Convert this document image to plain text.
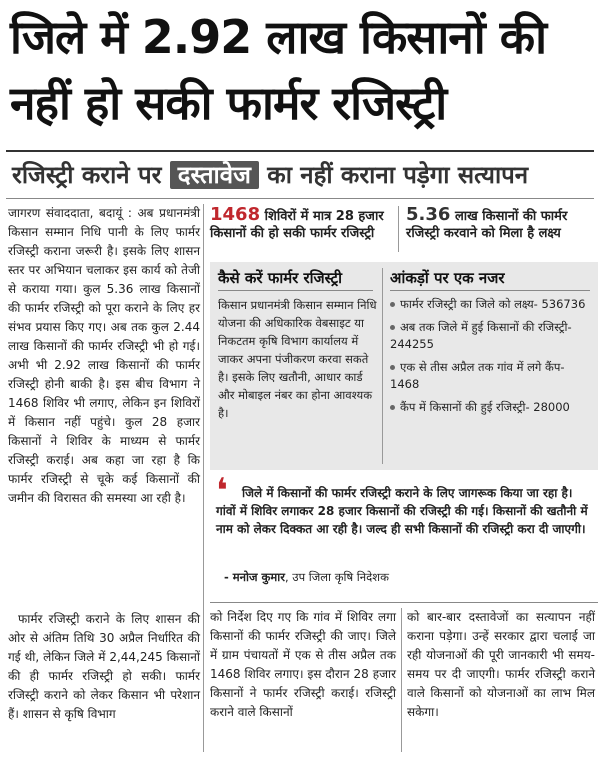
जिले में 2.92 लाख किसानों की
नहीं हो सकी फार्मर रजिस्ट्री
रजिस्ट्री कराने पर दस्तावेज का नहीं कराना पड़ेगा सत्यापन
जागरण संवाददाता, बदायूं : अब प्रधानमंत्री किसान सम्मान निधि पानी के लिए फार्मर रजिस्ट्री कराना जरूरी है। इसके लिए शासन स्तर पर अभियान चलाकर इस कार्य को तेजी से कराया गया। कुल 5.36 लाख किसानों की फार्मर रजिस्ट्री को पूरा कराने के लिए हर संभव प्रयास किए गए। अब तक कुल 2.44 लाख किसानों की फार्मर रजिस्ट्री भी हो गई। अभी भी 2.92 लाख किसानों की फार्मर रजिस्ट्री होनी बाकी है। इस बीच विभाग ने 1468 शिविर भी लगाए, लेकिन इन शिविरों में किसान नहीं पहुंचे। कुल 28 हजार किसानों ने शिविर के माध्यम से फार्मर रजिस्ट्री कराई। अब कहा जा रहा है कि फार्मर रजिस्ट्री से चूके कई किसानों की जमीन की विरासत की समस्या आ रही है।
फार्मर रजिस्ट्री कराने के लिए शासन की ओर से अंतिम तिथि 30 अप्रैल निर्धारित की गई थी, लेकिन जिले में 2,44,245 किसानों की ही फार्मर रजिस्ट्री हो सकी। फार्मर रजिस्ट्री कराने को लेकर किसान भी परेशान हैं। शासन से कृषि विभाग
1468 शिविरों में मात्र 28 हजार
किसानों की हो सकी फार्मर रजिस्ट्री
5.36 लाख किसानों की फार्मर
रजिस्ट्री करवाने को मिला है लक्ष्य
कैसे करें फार्मर रजिस्ट्री
किसान प्रधानमंत्री किसान सम्मान निधि योजना की अधिकारिक वेबसाइट या निकटतम कृषि विभाग कार्यालय में जाकर अपना पंजीकरण करवा सकते है। इसके लिए खतौनी, आधार कार्ड और मोबाइल नंबर का होना आवश्यक है।
आंकड़ों पर एक नजर
फार्मर रजिस्ट्री का जिले को लक्ष्य- 536736
अब तक जिले में हुई किसानों की रजिस्ट्री- 244255
एक से तीस अप्रैल तक गांव में लगे कैंप- 1468
कैंप में किसानों की हुई रजिस्ट्री- 28000
❛	जिले में किसानों की फार्मर रजिस्ट्री कराने के लिए जागरूक किया जा रहा है। गांवों में शिविर लगाकर 28 हजार किसानों की रजिस्ट्री की गई। किसानों की खतौनी में नाम को लेकर दिक्कत आ रही है। जल्द ही सभी किसानों की रजिस्ट्री करा दी जाएगी।
- मनोज कुमार, उप जिला कृषि निदेशक
को निर्देश दिए गए कि गांव में शिविर लगा किसानों की फार्मर रजिस्ट्री की जाए। जिले में ग्राम पंचायतों में एक से तीस अप्रैल तक 1468 शिविर लगाए। इस दौरान 28 हजार किसानों ने फार्मर रजिस्ट्री कराई। रजिस्ट्री कराने वाले किसानों
को बार-बार दस्तावेजों का सत्यापन नहीं कराना पड़ेगा। उन्हें सरकार द्वारा चलाई जा रही योजनाओं की पूरी जानकारी भी समय-समय पर दी जाएगी। फार्मर रजिस्ट्री कराने वाले किसानों को योजनाओं का लाभ मिल सकेगा।
